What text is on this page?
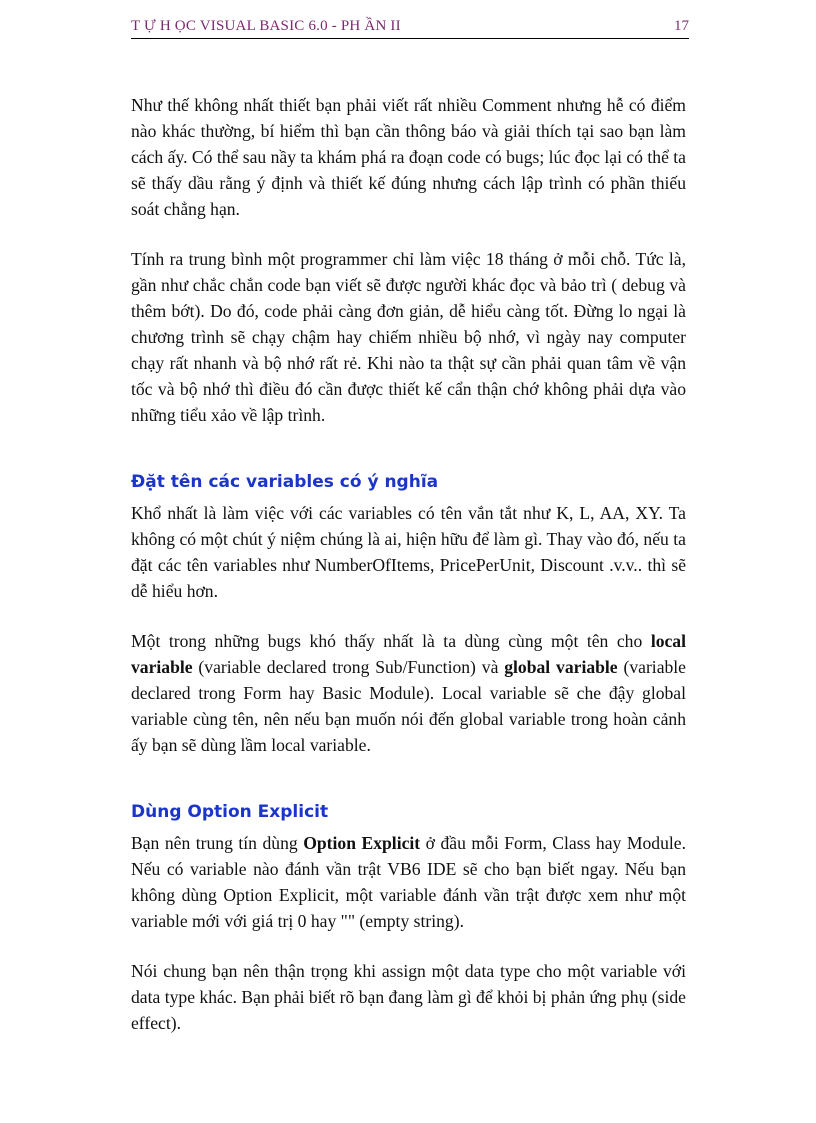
T Ự H ỌC VISUAL BASIC 6.0 - PH ẦN II	17

Như thế không nhất thiết bạn phải viết rất nhiều Comment nhưng hễ có điểm nào khác thường, bí hiểm thì bạn cần thông báo và giải thích tại sao bạn làm cách ấy. Có thể sau nầy ta khám phá ra đoạn code có bugs; lúc đọc lại có thể ta sẽ thấy dầu rằng ý định và thiết kế đúng nhưng cách lập trình có phần thiếu soát chẳng hạn.

Tính ra trung bình một programmer chỉ làm việc 18 tháng ở mỗi chỗ. Tức là, gần như chắc chắn code bạn viết sẽ được người khác đọc và bảo trì ( debug và thêm bớt). Do đó, code phải càng đơn giản, dễ hiểu càng tốt. Đừng lo ngại là chương trình sẽ chạy chậm hay chiếm nhiều bộ nhớ, vì ngày nay computer chạy rất nhanh và bộ nhớ rất rẻ. Khi nào ta thật sự cần phải quan tâm về vận tốc và bộ nhớ thì điều đó cần được thiết kế cẩn thận chớ không phải dựa vào những tiểu xảo về lập trình.

Đặt tên các variables có ý nghĩa

Khổ nhất là làm việc với các variables có tên vắn tắt như K, L, AA, XY. Ta không có một chút ý niệm chúng là ai, hiện hữu để làm gì. Thay vào đó, nếu ta đặt các tên variables như NumberOfItems, PricePerUnit, Discount .v.v.. thì sẽ dễ hiểu hơn.

Một trong những bugs khó thấy nhất là ta dùng cùng một tên cho local variable (variable declared trong Sub/Function) và global variable (variable declared trong Form hay Basic Module). Local variable sẽ che đậy global variable cùng tên, nên nếu bạn muốn nói đến global variable trong hoàn cảnh ấy bạn sẽ dùng lầm local variable.

Dùng Option Explicit

Bạn nên trung tín dùng Option Explicit ở đầu mỗi Form, Class hay Module. Nếu có variable nào đánh vần trật VB6 IDE sẽ cho bạn biết ngay. Nếu bạn không dùng Option Explicit, một variable đánh vần trật được xem như một variable mới với giá trị 0 hay "" (empty string).

Nói chung bạn nên thận trọng khi assign một data type cho một variable với data type khác. Bạn phải biết rõ bạn đang làm gì để khỏi bị phản ứng phụ (side effect).
